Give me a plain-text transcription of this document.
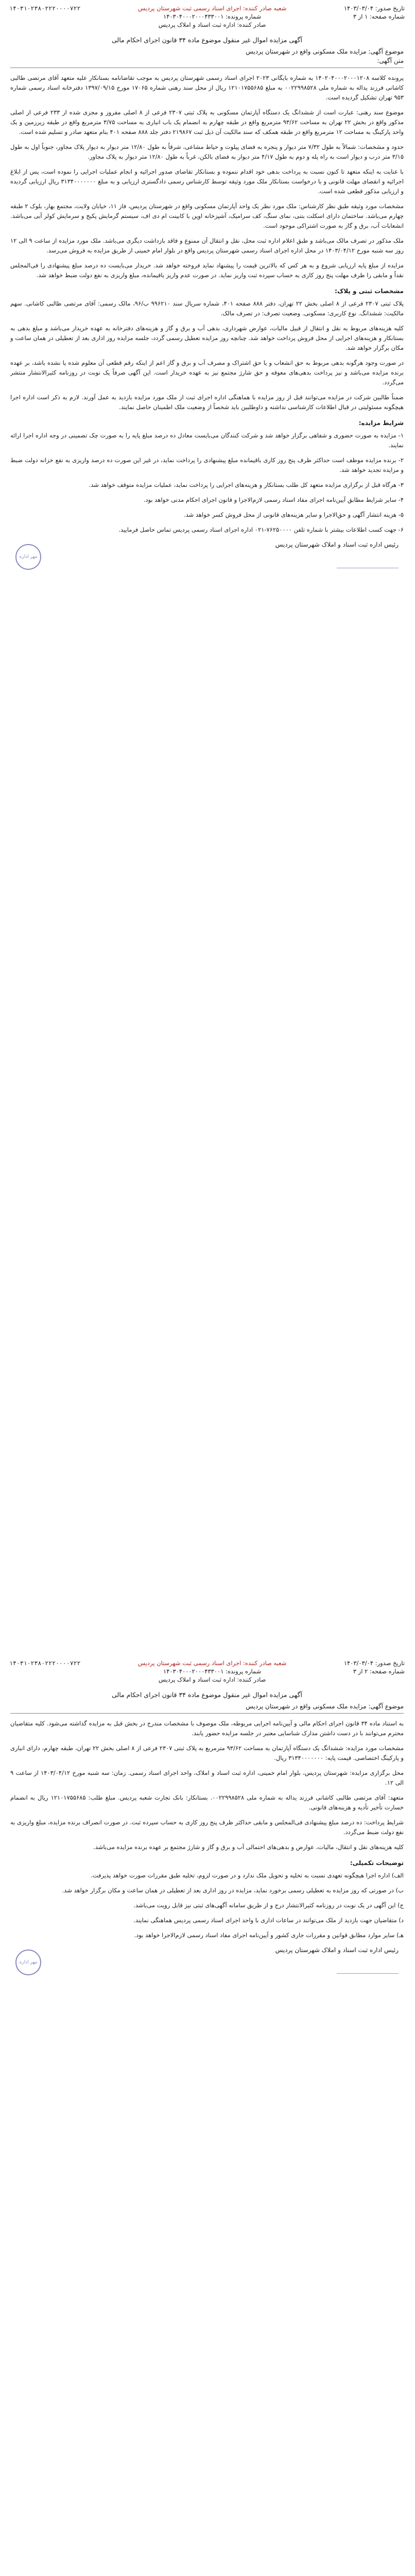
تاریخ صدور: ۱۴۰۳/۰۳/۰۴
شماره صفحه: ۱ از ۳
شعبه صادر کننده: اجرای اسناد رسمی ثبت شهرستان پردیس
شماره پرونده: ۱۴۰۳۰۴۰۰۰۲۰۰۰۴۳۳۰۰۱
صادر کننده: اداره ثبت اسناد و املاک پردیس
۱۴۰۳۱۰۲۳۸۰۲۲۲۰۰۰۰۷۲۲
آگهی مزایده اموال غیر منقول موضوع ماده ۳۴ قانون اجرای احکام مالی
موضوع آگهی: مزایده ملک مسکونی واقع در شهرستان پردیس
متن آگهی:

پرونده کلاسه ۱۴۰۲۰۴۰۰۰۲۰۰۰۱۲۰۸ به شماره بایگانی ۲۰۲۳ اجرای اسناد رسمی شهرستان پردیس به موجب تقاضانامه بستانکار علیه متعهد آقای مرتضی طالبی کاشانی فرزند یداله به شماره ملی ۰۰۲۲۹۹۸۵۲۸ به مبلغ ۱۲۱۰۱۷۵۵۶۸۵ ریال از محل سند رهنی شماره ۱۷۰۶۵ مورخ ۱۳۹۷/۰۹/۱۵ دفترخانه اسناد رسمی شماره ۹۵۳ تهران تشکیل گردیده است.

موضوع سند رهنی: عبارت است از ششدانگ یک دستگاه آپارتمان مسکونی به پلاک ثبتی ۲۳۰۷ فرعی از ۸ اصلی مفروز و مجزی شده از ۲۳۳ فرعی از اصلی مذکور واقع در بخش ۲۲ تهران به مساحت ۹۳/۶۲ مترمربع واقع در طبقه چهارم به انضمام یک باب انباری به مساحت ۳/۷۵ مترمربع واقع در طبقه زیرزمین و یک واحد پارکینگ به مساحت ۱۲ مترمربع واقع در طبقه همکف که سند مالکیت آن ذیل ثبت ۲۱۹۸۶۷ دفتر جلد ۸۸۸ صفحه ۴۰۱ بنام متعهد صادر و تسلیم شده است.

حدود و مشخصات: شمالاً به طول ۷/۳۲ متر دیوار و پنجره به فضای پیلوت و حیاط مشاعی، شرقاً به طول ۱۲/۸۰ متر دیوار به دیوار پلاک مجاور، جنوباً اول به طول ۳/۱۵ متر درب و دیوار است به راه پله و دوم به طول ۴/۱۷ متر دیوار به فضای بالکن، غرباً به طول ۱۲/۸۰ متر دیوار به پلاک مجاور.

با عنایت به اینکه متعهد تا کنون نسبت به پرداخت بدهی خود اقدام ننموده و بستانکار تقاضای صدور اجرائیه و انجام عملیات اجرایی را نموده است، پس از ابلاغ اجرائیه و انقضای مهلت قانونی و با درخواست بستانکار ملک مورد وثیقه توسط کارشناس رسمی دادگستری ارزیابی و به مبلغ ۳۱۳۴۰۰۰۰۰۰۰ ریال ارزیابی گردیده و ارزیابی مذکور قطعی شده است.

مشخصات مورد وثیقه طبق نظر کارشناس: ملک مورد نظر یک واحد آپارتمان مسکونی واقع در شهرستان پردیس، فاز ۱۱، خیابان ولایت، مجتمع بهار، بلوک ۲ طبقه چهارم می‌باشد. ساختمان دارای اسکلت بتنی، نمای سنگ، کف سرامیک، آشپزخانه اوپن با کابینت ام دی اف، سیستم گرمایش پکیج و سرمایش کولر آبی می‌باشد. انشعابات آب، برق و گاز به صورت اشتراکی موجود است.

ملک مذکور در تصرف مالک می‌باشد و طبق اعلام اداره ثبت محل، نقل و انتقال آن ممنوع و فاقد بازداشت دیگری می‌باشد. ملک مورد مزایده از ساعت ۹ الی ۱۲ روز سه شنبه مورخ ۱۴۰۳/۰۴/۱۲ در محل اداره اجرای اسناد رسمی شهرستان پردیس واقع در بلوار امام خمینی از طریق مزایده به فروش می‌رسد.

مزایده از مبلغ پایه ارزیابی شروع و به هر کس که بالاترین قیمت را پیشنهاد نماید فروخته خواهد شد. خریدار می‌بایست ده درصد مبلغ پیشنهادی را فی‌المجلس نقداً و مابقی را ظرف مهلت پنج روز کاری به حساب سپرده ثبت واریز نماید. در صورت عدم واریز باقیمانده، مبلغ واریزی به نفع دولت ضبط خواهد شد.

مشخصات ثبتی و پلاک:

پلاک ثبتی ۲۳۰۷ فرعی از ۸ اصلی بخش ۲۲ تهران، دفتر ۸۸۸ صفحه ۴۰۱، شماره سریال سند ۹۹۶۲۱۰ ب/۹۶، مالک رسمی: آقای مرتضی طالبی کاشانی. سهم مالکیت: ششدانگ. نوع کاربری: مسکونی. وضعیت تصرف: در تصرف مالک.

کلیه هزینه‌های مربوط به نقل و انتقال از قبیل مالیات، عوارض شهرداری، بدهی آب و برق و گاز و هزینه‌های دفترخانه به عهده خریدار می‌باشد و مبلغ بدهی به بستانکار و هزینه‌های اجرایی از محل فروش پرداخت خواهد شد. چنانچه روز مزایده تعطیل رسمی گردد، جلسه مزایده روز اداری بعد از تعطیلی در همان ساعت و مکان برگزار خواهد شد.

در صورت وجود هرگونه بدهی مربوط به حق انشعاب و یا حق اشتراک و مصرف آب و برق و گاز اعم از اینکه رقم قطعی آن معلوم شده یا نشده باشد، بر عهده برنده مزایده می‌باشد و نیز پرداخت بدهی‌های معوقه و حق شارژ مجتمع نیز به عهده خریدار است. این آگهی صرفاً یک نوبت در روزنامه کثیرالانتشار منتشر می‌گردد.

ضمناً طالبین شرکت در مزایده می‌توانند قبل از روز مزایده با هماهنگی اداره اجرای ثبت از ملک مورد مزایده بازدید به عمل آورند. لازم به ذکر است اداره اجرا هیچگونه مسئولیتی در قبال اطلاعات کارشناسی نداشته و داوطلبین باید شخصاً از وضعیت ملک اطمینان حاصل نمایند.

شرایط مزایده:

۱- مزایده به صورت حضوری و شفاهی برگزار خواهد شد و شرکت کنندگان می‌بایست معادل ده درصد مبلغ پایه را به صورت چک تضمینی در وجه اداره اجرا ارائه نمایند.

۲- برنده مزایده موظف است حداکثر ظرف پنج روز کاری باقیمانده مبلغ پیشنهادی را پرداخت نماید، در غیر این صورت ده درصد واریزی به نفع خزانه دولت ضبط و مزایده تجدید خواهد شد.

۳- هرگاه قبل از برگزاری مزایده متعهد کل طلب بستانکار و هزینه‌های اجرایی را پرداخت نماید، عملیات مزایده متوقف خواهد شد.

۴- سایر شرایط مطابق آیین‌نامه اجرای مفاد اسناد رسمی لازم‌الاجرا و قانون اجرای احکام مدنی خواهد بود.

۵- هزینه انتشار آگهی و حق‌الاجرا و سایر هزینه‌های قانونی از محل فروش کسر خواهد شد.

۶- جهت کسب اطلاعات بیشتر با شماره تلفن ۷۶۲۵۰۰۰۰-۰۲۱ اداره اجرای اسناد رسمی پردیس تماس حاصل فرمایید.

رئیس اداره ثبت اسناد و املاک شهرستان پردیس
مهر اداره
تاریخ صدور: ۱۴۰۳/۰۳/۰۴
شماره صفحه: ۲ از ۳
شعبه صادر کننده: اجرای اسناد رسمی ثبت شهرستان پردیس
شماره پرونده: ۱۴۰۳۰۴۰۰۰۲۰۰۰۴۳۳۰۰۱
صادر کننده: اداره ثبت اسناد و املاک پردیس
۱۴۰۳۱۰۲۳۸۰۲۲۲۰۰۰۰۷۲۲
آگهی مزایده اموال غیر منقول موضوع ماده ۳۴ قانون اجرای احکام مالی
موضوع آگهی: مزایده ملک مسکونی واقع در شهرستان پردیس

به استناد ماده ۳۴ قانون اجرای احکام مالی و آیین‌نامه اجرایی مربوطه، ملک موصوف با مشخصات مندرج در بخش قبل به مزایده گذاشته می‌شود. کلیه متقاضیان محترم می‌توانند با در دست داشتن مدارک شناسایی معتبر در جلسه مزایده حضور یابند.

مشخصات مورد مزایده: ششدانگ یک دستگاه آپارتمان به مساحت ۹۳/۶۲ مترمربع به پلاک ثبتی ۲۳۰۷ فرعی از ۸ اصلی بخش ۲۲ تهران، طبقه چهارم، دارای انباری و پارکینگ اختصاصی. قیمت پایه: ۳۱۳۴۰۰۰۰۰۰۰ ریال.

محل برگزاری مزایده: شهرستان پردیس، بلوار امام خمینی، اداره ثبت اسناد و املاک، واحد اجرای اسناد رسمی. زمان: سه شنبه مورخ ۱۴۰۳/۰۴/۱۲ از ساعت ۹ الی ۱۲.

متعهد: آقای مرتضی طالبی کاشانی فرزند یداله به شماره ملی ۰۰۲۲۹۹۸۵۲۸. بستانکار: بانک تجارت شعبه پردیس. مبلغ طلب: ۱۲۱۰۱۷۵۵۶۸۵ ریال به انضمام خسارت تأخیر تأدیه و هزینه‌های قانونی.

شرایط پرداخت: ده درصد مبلغ پیشنهادی فی‌المجلس و مابقی حداکثر ظرف پنج روز کاری به حساب سپرده ثبت. در صورت انصراف برنده مزایده، مبلغ واریزی به نفع دولت ضبط می‌گردد.

کلیه هزینه‌های نقل و انتقال، مالیات، عوارض و بدهی‌های احتمالی آب و برق و گاز و شارژ مجتمع بر عهده برنده مزایده می‌باشد.

توضیحات تکمیلی:

الف) اداره اجرا هیچگونه تعهدی نسبت به تخلیه و تحویل ملک ندارد و در صورت لزوم، تخلیه طبق مقررات صورت خواهد پذیرفت.

ب) در صورتی که روز مزایده به تعطیلی رسمی برخورد نماید، مزایده در روز اداری بعد از تعطیلی در همان ساعت و مکان برگزار خواهد شد.

ج) این آگهی در یک نوبت در روزنامه کثیرالانتشار درج و از طریق سامانه آگهی‌های ثبتی نیز قابل رویت می‌باشد.

د) متقاضیان جهت بازدید از ملک می‌توانند در ساعات اداری با واحد اجرای اسناد رسمی پردیس هماهنگی نمایند.

هـ) سایر موارد مطابق قوانین و مقررات جاری کشور و آیین‌نامه اجرای مفاد اسناد رسمی لازم‌الاجرا خواهد بود.

رئیس اداره ثبت اسناد و املاک شهرستان پردیس
مهر اداره
